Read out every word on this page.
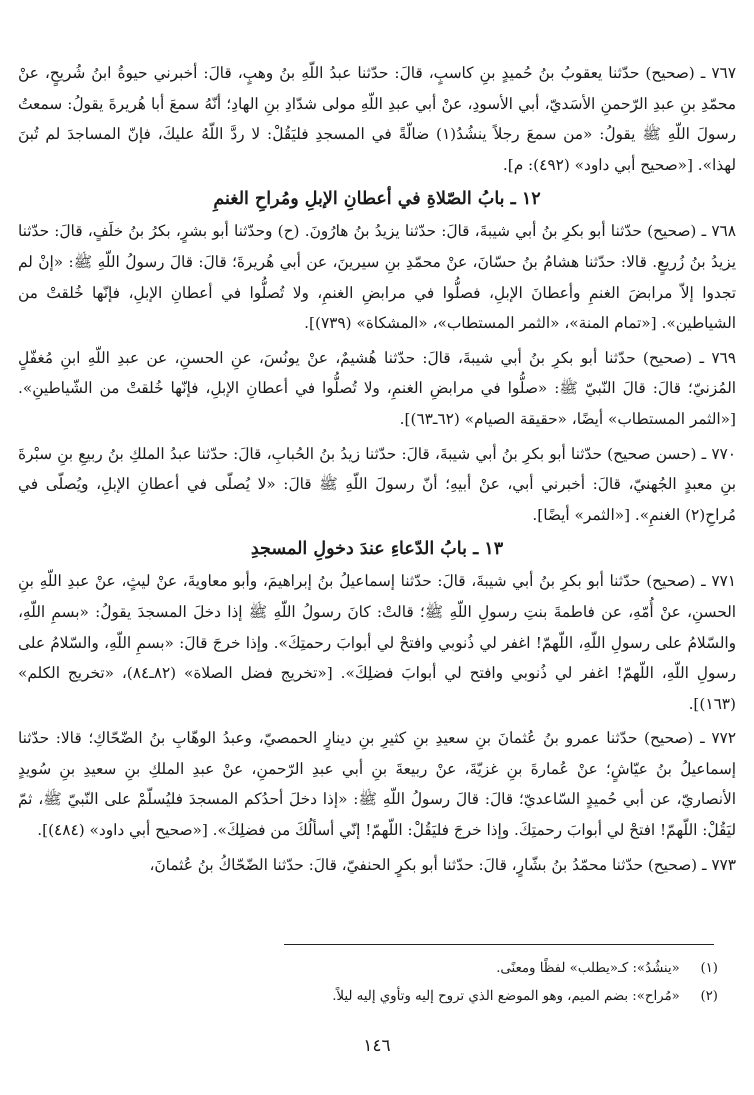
٧٦٧ ـ (صحيح) حدّثنا يعقوبُ بنُ حُميدٍ بنِ كاسبٍ، قالَ: حدّثنا عبدُ اللّهِ بنُ وهبٍ، قالَ: أخبرني حيوةُ ابنُ شُريحٍ، عنْ محمّدِ بنِ عبدِ الرّحمنِ الأسَديّ، أبي الأسودِ، عنْ أبي عبدِ اللّهِ مولى شدّادِ بنِ الهادِ؛ أنّهُ سمعَ أبا هُريرةَ يقولُ: سمعتُ رسولَ اللّهِ ﷺ يقولُ: «من سمعَ رجلاً ينشُدُ(١) ضالّةً في المسجدِ فليَقُلْ: لا ردَّ اللّهُ عليكَ، فإنّ المساجدَ لم تُبنَ لهذا». [«صحيح أبي داود» (٤٩٢): م].

١٢ ـ بابُ الصّلاةِ في أعطانِ الإبلِ ومُراحِ الغنمِ

٧٦٨ ـ (صحيح) حدّثنا أبو بكرِ بنُ أبي شيبةَ، قالَ: حدّثنا يزيدُ بنُ هارُونَ. (ح) وحدّثنا أبو بشرٍ، بكرُ بنُ خلَفٍ، قالَ: حدّثنا يزيدُ بنُ زُريعٍ. قالا: حدّثنا هشامُ بنُ حسّانَ، عنْ محمّدِ بنِ سيرينَ، عن أبي هُريرةَ؛ قالَ: قالَ رسولُ اللّهِ ﷺ: «إنْ لم تجدوا إلاّ مرابضَ الغنمِ وأعطانَ الإبلِ، فصلُّوا في مرابضِ الغنمِ، ولا تُصلُّوا في أعطانِ الإبلِ، فإنّها خُلقتْ من الشياطين». [«تمام المنة»، «الثمر المستطاب»، «المشكاة» (٧٣٩)].

٧٦٩ ـ (صحيح) حدّثنا أبو بكرِ بنُ أبي شيبةَ، قالَ: حدّثنا هُشيمٌ، عنْ يونُسَ، عنِ الحسنِ، عن عبدِ اللّهِ ابنِ مُغفّلٍ المُزنيّ؛ قالَ: قالَ النّبيّ ﷺ: «صلُّوا في مرابضِ الغنمِ، ولا تُصلُّوا في أعطانِ الإبلِ، فإنّها خُلقتْ من الشّياطينِ». [«الثمر المستطاب» أيضًا، «حقيقة الصيام» (٦٢ـ٦٣)].

٧٧٠ ـ (حسن صحيح) حدّثنا أبو بكرِ بنُ أبي شيبةَ، قالَ: حدّثنا زيدُ بنُ الحُبابِ، قالَ: حدّثنا عبدُ الملكِ بنُ ربيعِ بنِ سبْرةَ بنِ معبدٍ الجُهنيّ، قالَ: أخبرني أبي، عنْ أبيهِ؛ أنّ رسولَ اللّهِ ﷺ قالَ: «لا يُصلّى في أعطانِ الإبلِ، ويُصلّى في مُراحِ(٢) الغنمِ». [«الثمر» أيضًا].

١٣ ـ بابُ الدّعاءِ عندَ دخولِ المسجدِ

٧٧١ ـ (صحيح) حدّثنا أبو بكرِ بنُ أبي شيبةَ، قالَ: حدّثنا إسماعيلُ بنُ إبراهيمَ، وأبو معاويةَ، عنْ ليثٍ، عنْ عبدِ اللّهِ بنِ الحسنِ، عنْ أُمّهِ، عن فاطمةَ بنتِ رسولِ اللّهِ ﷺ؛ قالتْ: كانَ رسولُ اللّهِ ﷺ إذا دخلَ المسجدَ يقولُ: «بسمِ اللّهِ، والسّلامُ على رسولِ اللّهِ، اللّهمّ! اغفر لي ذُنوبي وافتحْ لي أبوابَ رحمتِكَ». وإذا خرجَ قالَ: «بسمِ اللّهِ، والسّلامُ على رسولِ اللّهِ، اللّهمّ! اغفر لي ذُنوبي وافتح لي أبوابَ فضلِكَ». [«تخريج فضل الصلاة» (٨٢ـ٨٤)، «تخريج الكلم» (١٦٣)].

٧٧٢ ـ (صحيح) حدّثنا عمرو بنُ عُثمانَ بنِ سعيدِ بنِ كثيرِ بنِ دينارٍ الحمصيّ، وعبدُ الوهّابِ بنُ الضّحّاكِ؛ قالا: حدّثنا إسماعيلُ بنُ عيّاشٍ؛ عنْ عُمارةَ بنِ غزيّةَ، عنْ ربيعةَ بنِ أبي عبدِ الرّحمنِ، عنْ عبدِ الملكِ بنِ سعيدِ بنِ سُويدٍ الأنصاريّ، عن أبي حُميدٍ السّاعديّ؛ قالَ: قالَ رسولُ اللّهِ ﷺ: «إذا دخلَ أحدُكم المسجدَ فليُسلّمْ على النّبيّ ﷺ، ثمّ ليَقُلْ: اللّهمّ! افتحْ لي أبوابَ رحمتِكَ. وإذا خرجَ فليَقُلْ: اللّهمّ! إنّي أسألُكَ من فضلِكَ». [«صحيح أبي داود» (٤٨٤)].

٧٧٣ ـ (صحيح) حدّثنا محمّدُ بنُ بشّارٍ، قالَ: حدّثنا أبو بكرٍ الحنفيّ، قالَ: حدّثنا الضّحّاكُ بنُ عُثمانَ،

(١) «ينشُدُ»: كـ«يطلب» لفظًا ومعنًى.
(٢) «مُراح»: بضم الميم، وهو الموضع الذي تروح إليه وتأوي إليه ليلاً.
١٤٦
